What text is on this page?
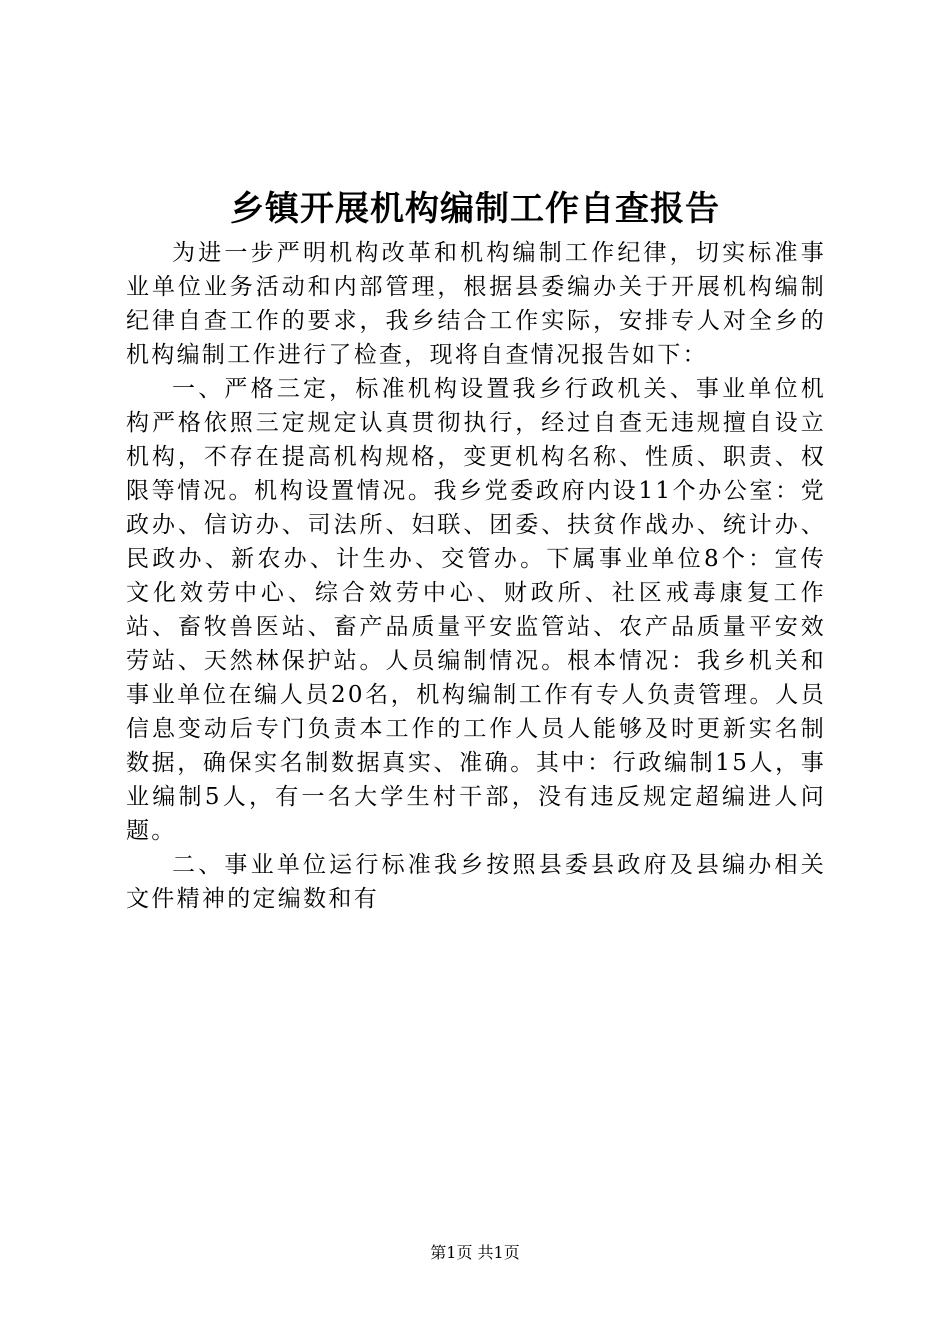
乡镇开展机构编制工作自查报告

为进一步严明机构改革和机构编制工作纪律，切实标准事业单位业务活动和内部管理，根据县委编办关于开展机构编制纪律自查工作的要求，我乡结合工作实际，安排专人对全乡的机构编制工作进行了检查，现将自查情况报告如下：

一、严格三定，标准机构设置我乡行政机关、事业单位机构严格依照三定规定认真贯彻执行，经过自查无违规擅自设立机构，不存在提高机构规格，变更机构名称、性质、职责、权限等情况。机构设置情况。我乡党委政府内设11个办公室：党政办、信访办、司法所、妇联、团委、扶贫作战办、统计办、民政办、新农办、计生办、交管办。下属事业单位8个：宣传文化效劳中心、综合效劳中心、财政所、社区戒毒康复工作站、畜牧兽医站、畜产品质量平安监管站、农产品质量平安效劳站、天然林保护站。人员编制情况。根本情况：我乡机关和事业单位在编人员20名，机构编制工作有专人负责管理。人员信息变动后专门负责本工作的工作人员人能够及时更新实名制数据，确保实名制数据真实、准确。其中：行政编制15人，事业编制5人，有一名大学生村干部，没有违反规定超编进人问题。

二、事业单位运行标准我乡按照县委县政府及县编办相关文件精神的定编数和有

第1页 共1页
